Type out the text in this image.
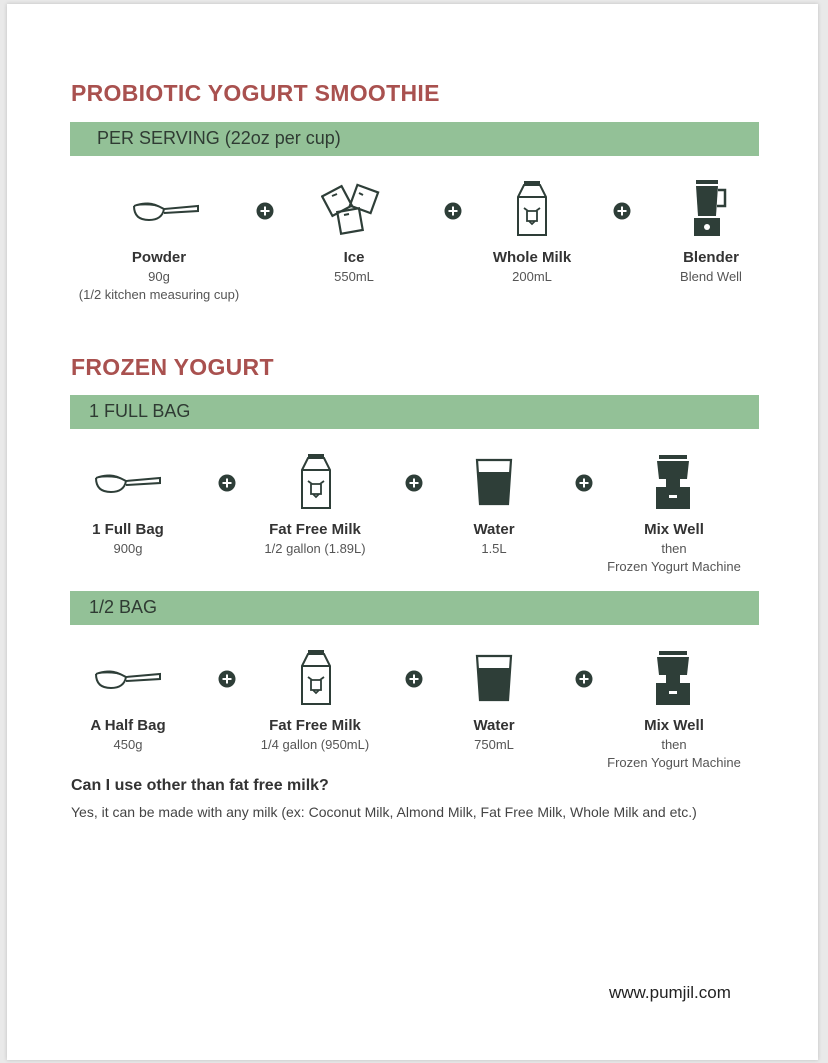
PROBIOTIC YOGURT SMOOTHIE
PER SERVING (22oz per cup)
Powder
90g
(1/2 kitchen measuring cup)
Ice
550mL
Whole Milk
200mL
Blender
Blend Well
FROZEN YOGURT
1 FULL BAG
1 Full Bag
900g
Fat Free Milk
1/2 gallon (1.89L)
Water
1.5L
Mix Well
then
Frozen Yogurt Machine
1/2 BAG
A Half Bag
450g
Fat Free Milk
1/4 gallon (950mL)
Water
750mL
Mix Well
then
Frozen Yogurt Machine
Can I use other than fat free milk?
Yes, it can be made with any milk (ex: Coconut Milk, Almond Milk, Fat Free Milk, Whole Milk and etc.)
www.pumjil.com
